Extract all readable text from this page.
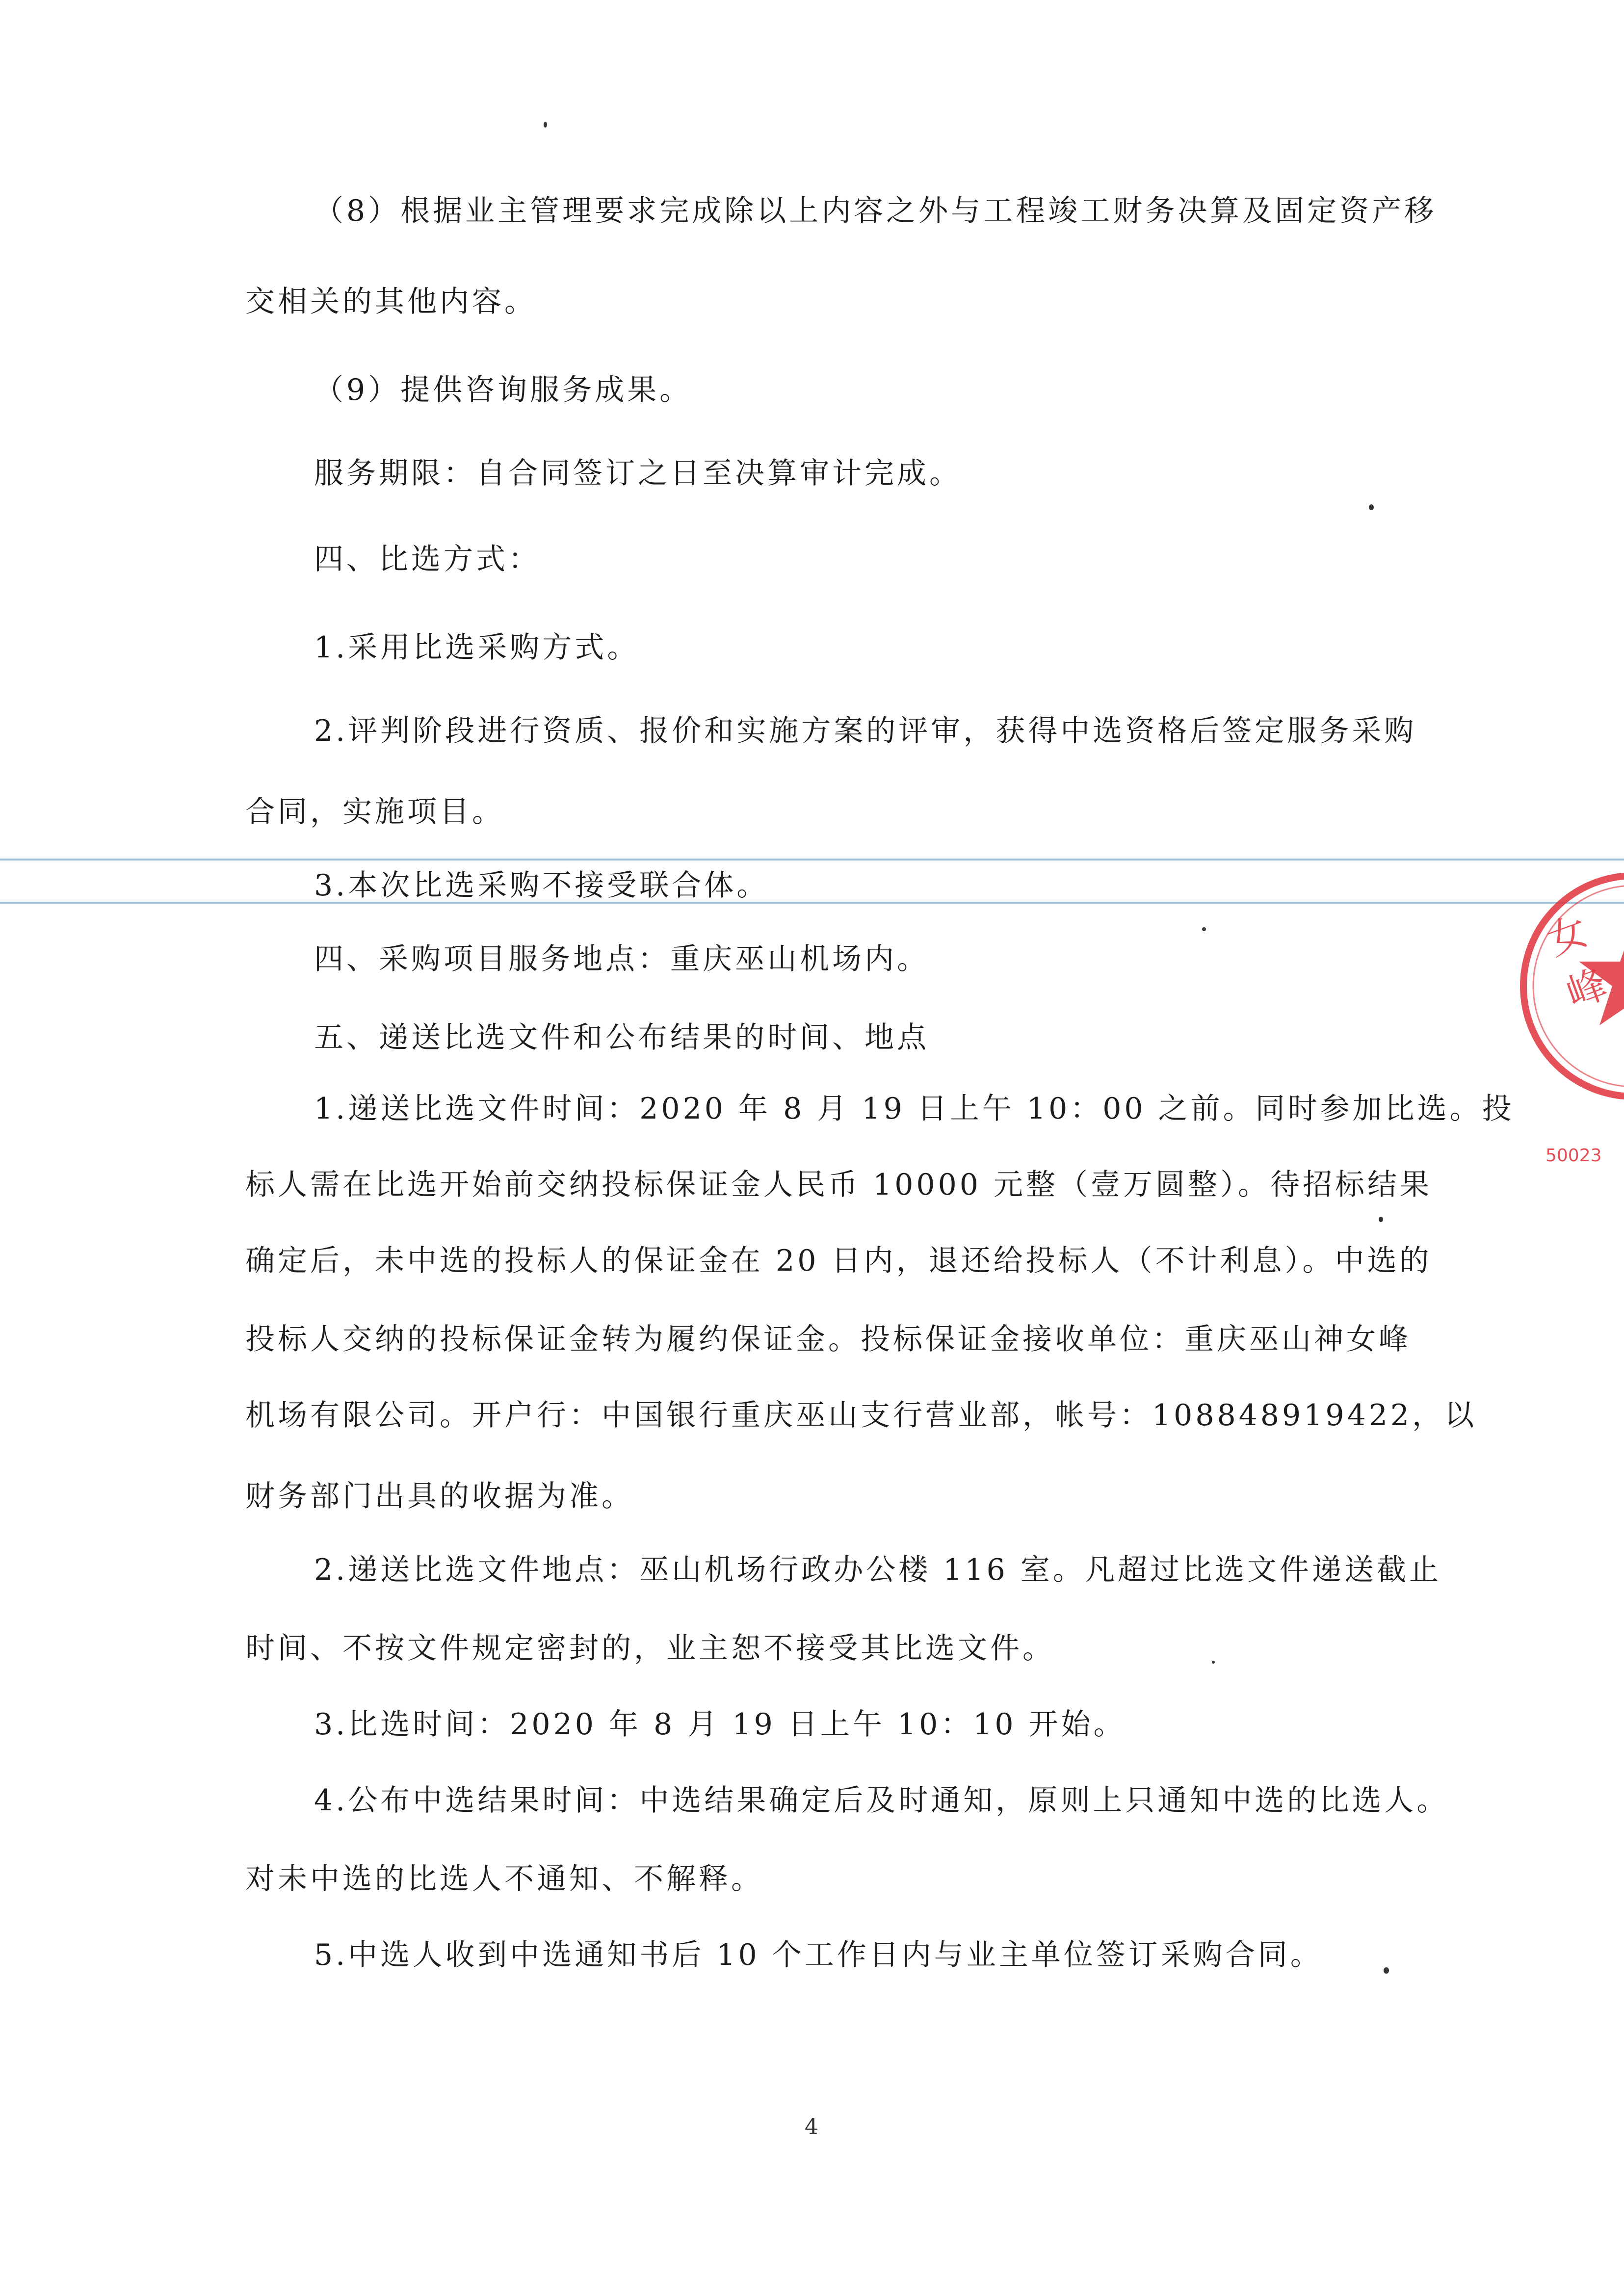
（8）根据业主管理要求完成除以上内容之外与工程竣工财务决算及固定资产移
交相关的其他内容。
（9）提供咨询服务成果。
服务期限：自合同签订之日至决算审计完成。
四、比选方式：
1.采用比选采购方式。
2.评判阶段进行资质、报价和实施方案的评审，获得中选资格后签定服务采购
合同，实施项目。
3.本次比选采购不接受联合体。
四、采购项目服务地点：重庆巫山机场内。
五、递送比选文件和公布结果的时间、地点
1.递送比选文件时间：2020 年 8 月 19 日上午 10：00 之前。同时参加比选。投
标人需在比选开始前交纳投标保证金人民币 10000 元整（壹万圆整）。待招标结果
确定后，未中选的投标人的保证金在 20 日内，退还给投标人（不计利息）。中选的
投标人交纳的投标保证金转为履约保证金。投标保证金接收单位：重庆巫山神女峰
机场有限公司。开户行：中国银行重庆巫山支行营业部，帐号：108848919422，以
财务部门出具的收据为准。
2.递送比选文件地点：巫山机场行政办公楼 116 室。凡超过比选文件递送截止
时间、不按文件规定密封的，业主恕不接受其比选文件。
3.比选时间：2020 年 8 月 19 日上午 10：10 开始。
4.公布中选结果时间：中选结果确定后及时通知，原则上只通知中选的比选人。
对未中选的比选人不通知、不解释。
5.中选人收到中选通知书后 10 个工作日内与业主单位签订采购合同。
4
女峰
50023
